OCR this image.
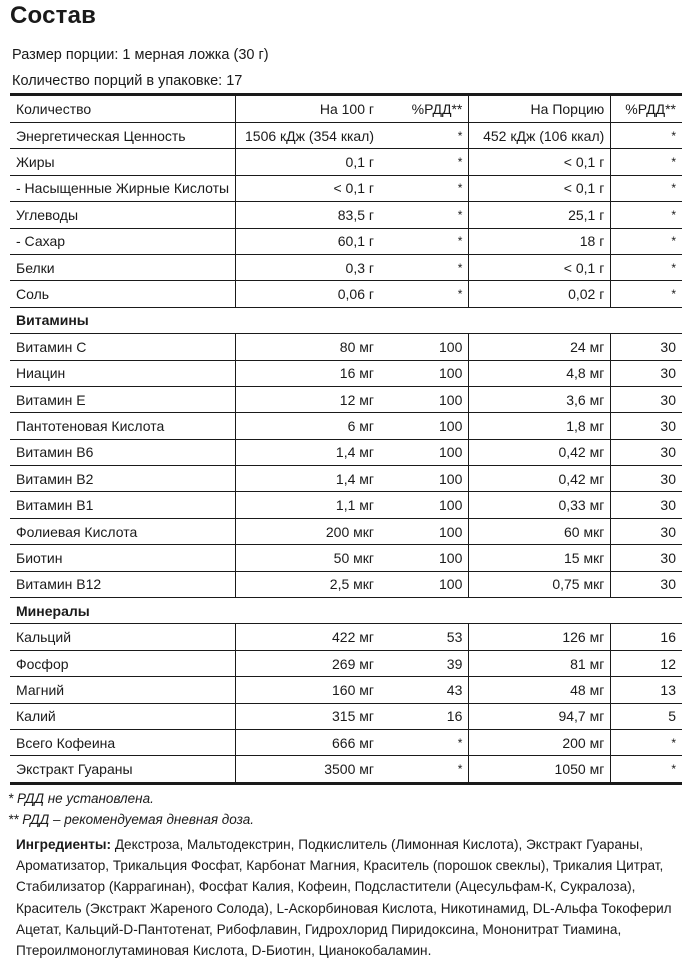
Состав
Размер порции: 1 мерная ложка (30 г)
Количество порций в упаковке: 17
Количество	На 100 г	%РДД**	На Порцию	%РДД**
Энергетическая Ценность	1506 кДж (354 ккал)	*	452 кДж (106 ккал)	*
Жиры	0,1 г	*	< 0,1 г	*
- Насыщенные Жирные Кислоты	< 0,1 г	*	< 0,1 г	*
Углеводы	83,5 г	*	25,1 г	*
- Сахар	60,1 г	*	18 г	*
Белки	0,3 г	*	< 0,1 г	*
Соль	0,06 г	*	0,02 г	*
Витамины				
Витамин C	80 мг	100	24 мг	30
Ниацин	16 мг	100	4,8 мг	30
Витамин E	12 мг	100	3,6 мг	30
Пантотеновая Кислота	6 мг	100	1,8 мг	30
Витамин B6	1,4 мг	100	0,42 мг	30
Витамин B2	1,4 мг	100	0,42 мг	30
Витамин B1	1,1 мг	100	0,33 мг	30
Фолиевая Кислота	200 мкг	100	60 мкг	30
Биотин	50 мкг	100	15 мкг	30
Витамин B12	2,5 мкг	100	0,75 мкг	30
Минералы				
Кальций	422 мг	53	126 мг	16
Фосфор	269 мг	39	81 мг	12
Магний	160 мг	43	48 мг	13
Калий	315 мг	16	94,7 мг	5
Всего Кофеина	666 мг	*	200 мг	*
Экстракт Гуараны	3500 мг	*	1050 мг	*
* РДД не установлена.
** РДД – рекомендуемая дневная доза.
Ингредиенты: Декстроза, Мальтодекстрин, Подкислитель (Лимонная Кислота), Экстракт Гуараны, Ароматизатор, Трикальция Фосфат, Карбонат Магния, Краситель (порошок свеклы), Трикалия Цитрат, Стабилизатор (Каррагинан), Фосфат Калия, Кофеин, Подсластители (Ацесульфам-К, Сукралоза), Краситель (Экстракт Жареного Солода), L-Аскорбиновая Кислота, Никотинамид, DL-Альфа Токоферил Ацетат, Кальций-D-Пантотенат, Рибофлавин, Гидрохлорид Пиридоксина, Мононитрат Тиамина, Птероилмоноглутаминовая Кислота, D-Биотин, Цианокобаламин.
